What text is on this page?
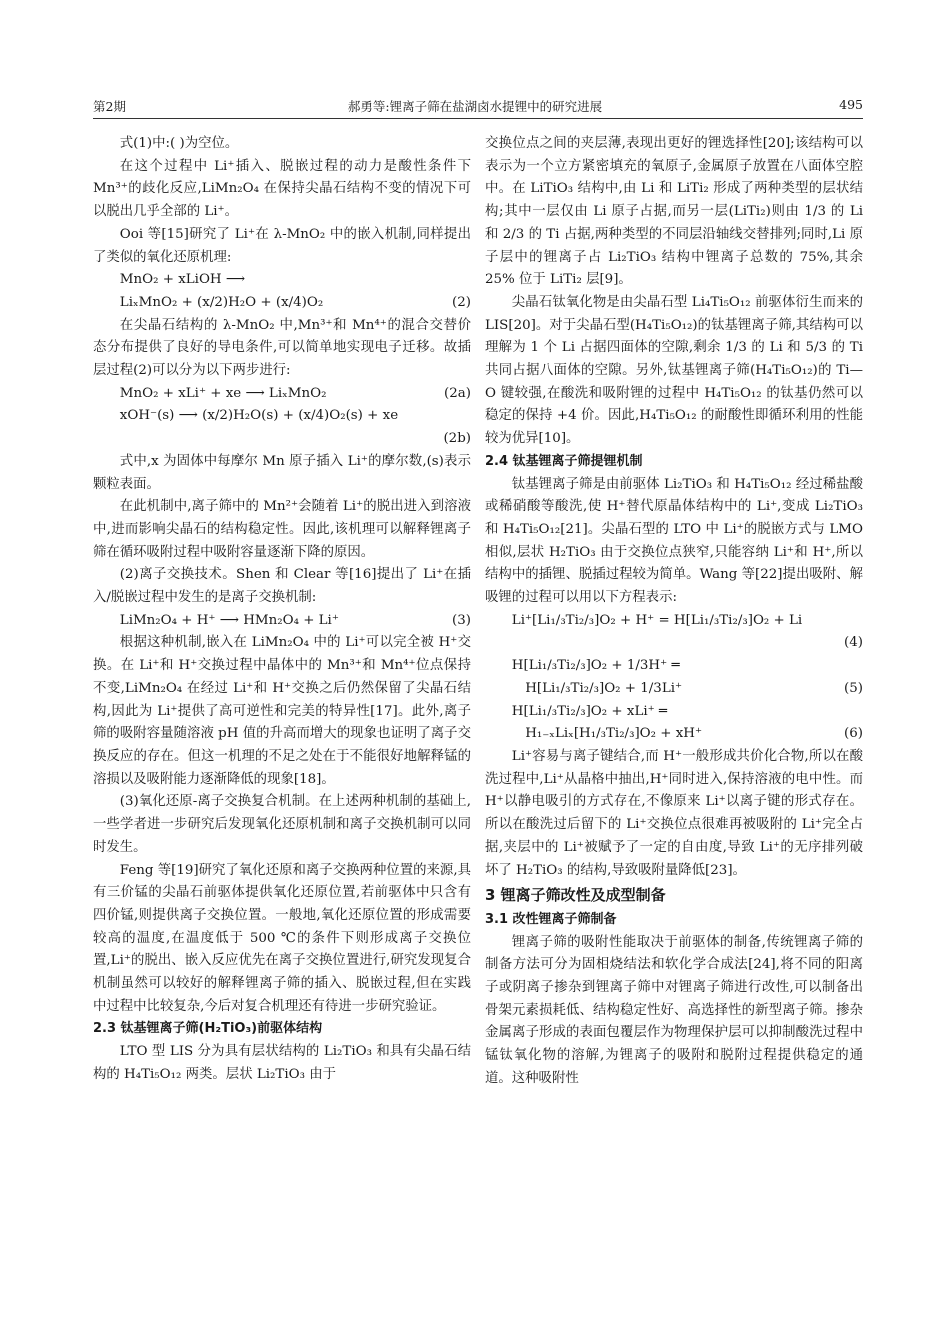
第2期	郝勇等:锂离子筛在盐湖卤水提锂中的研究进展	495

式(1)中:( )为空位。

在这个过程中 Li⁺插入、脱嵌过程的动力是酸性条件下 Mn³⁺的歧化反应,LiMn₂O₄ 在保持尖晶石结构不变的情况下可以脱出几乎全部的 Li⁺。

Ooi 等[15]研究了 Li⁺在 λ-MnO₂ 中的嵌入机制,同样提出了类似的氧化还原机理:

MnO₂ + xLiOH ⟶
LiₓMnO₂ + (x/2)H₂O + (x/4)O₂	(2)

在尖晶石结构的 λ-MnO₂ 中,Mn³⁺和 Mn⁴⁺的混合交替价态分布提供了良好的导电条件,可以简单地实现电子迁移。故插层过程(2)可以分为以下两步进行:

MnO₂ + xLi⁺ + xe ⟶ LiₓMnO₂	(2a)
xOH⁻(s) ⟶ (x/2)H₂O(s) + (x/4)O₂(s) + xe
(2b)

式中,x 为固体中每摩尔 Mn 原子插入 Li⁺的摩尔数,(s)表示颗粒表面。

在此机制中,离子筛中的 Mn²⁺会随着 Li⁺的脱出进入到溶液中,进而影响尖晶石的结构稳定性。因此,该机理可以解释锂离子筛在循环吸附过程中吸附容量逐渐下降的原因。

(2)离子交换技术。Shen 和 Clear 等[16]提出了 Li⁺在插入/脱嵌过程中发生的是离子交换机制:

LiMn₂O₄ + H⁺ ⟶ HMn₂O₄ + Li⁺	(3)

根据这种机制,嵌入在 LiMn₂O₄ 中的 Li⁺可以完全被 H⁺交换。在 Li⁺和 H⁺交换过程中晶体中的 Mn³⁺和 Mn⁴⁺位点保持不变,LiMn₂O₄ 在经过 Li⁺和 H⁺交换之后仍然保留了尖晶石结构,因此为 Li⁺提供了高可逆性和完美的特异性[17]。此外,离子筛的吸附容量随溶液 pH 值的升高而增大的现象也证明了离子交换反应的存在。但这一机理的不足之处在于不能很好地解释锰的溶损以及吸附能力逐渐降低的现象[18]。

(3)氧化还原-离子交换复合机制。在上述两种机制的基础上,一些学者进一步研究后发现氧化还原机制和离子交换机制可以同时发生。

Feng 等[19]研究了氧化还原和离子交换两种位置的来源,具有三价锰的尖晶石前驱体提供氧化还原位置,若前驱体中只含有四价锰,则提供离子交换位置。一般地,氧化还原位置的形成需要较高的温度,在温度低于 500 ℃的条件下则形成离子交换位置,Li⁺的脱出、嵌入反应优先在离子交换位置进行,研究发现复合机制虽然可以较好的解释锂离子筛的插入、脱嵌过程,但在实践中过程中比较复杂,今后对复合机理还有待进一步研究验证。

2.3 钛基锂离子筛(H₂TiO₃)前驱体结构

LTO 型 LIS 分为具有层状结构的 Li₂TiO₃ 和具有尖晶石结构的 H₄Ti₅O₁₂ 两类。层状 Li₂TiO₃ 由于

交换位点之间的夹层薄,表现出更好的锂选择性[20];该结构可以表示为一个立方紧密填充的氧原子,金属原子放置在八面体空腔中。在 LiTiO₃ 结构中,由 Li 和 LiTi₂ 形成了两种类型的层状结构;其中一层仅由 Li 原子占据,而另一层(LiTi₂)则由 1/3 的 Li 和 2/3 的 Ti 占据,两种类型的不同层沿轴线交替排列;同时,Li 原子层中的锂离子占 Li₂TiO₃ 结构中锂离子总数的 75%,其余 25% 位于 LiTi₂ 层[9]。

尖晶石钛氧化物是由尖晶石型 Li₄Ti₅O₁₂ 前驱体衍生而来的 LIS[20]。对于尖晶石型(H₄Ti₅O₁₂)的钛基锂离子筛,其结构可以理解为 1 个 Li 占据四面体的空隙,剩余 1/3 的 Li 和 5/3 的 Ti 共同占据八面体的空隙。另外,钛基锂离子筛(H₄Ti₅O₁₂)的 Ti—O 键较强,在酸洗和吸附锂的过程中 H₄Ti₅O₁₂ 的钛基仍然可以稳定的保持 +4 价。因此,H₄Ti₅O₁₂ 的耐酸性即循环利用的性能较为优异[10]。

2.4 钛基锂离子筛提锂机制

钛基锂离子筛是由前驱体 Li₂TiO₃ 和 H₄Ti₅O₁₂ 经过稀盐酸或稀硝酸等酸洗,使 H⁺替代原晶体结构中的 Li⁺,变成 Li₂TiO₃ 和 H₄Ti₅O₁₂[21]。尖晶石型的 LTO 中 Li⁺的脱嵌方式与 LMO 相似,层状 H₂TiO₃ 由于交换位点狭窄,只能容纳 Li⁺和 H⁺,所以结构中的插锂、脱插过程较为简单。Wang 等[22]提出吸附、解吸锂的过程可以用以下方程表示:

Li⁺[Li₁/₃Ti₂/₃]O₂ + H⁺ = H[Li₁/₃Ti₂/₃]O₂ + Li
(4)
H[Li₁/₃Ti₂/₃]O₂ + 1/3H⁺ ═
H[Li₁/₃Ti₂/₃]O₂ + 1/3Li⁺	(5)
H[Li₁/₃Ti₂/₃]O₂ + xLi⁺ ═
H₁₋ₓLiₓ[H₁/₃Ti₂/₃]O₂ + xH⁺	(6)

Li⁺容易与离子键结合,而 H⁺一般形成共价化合物,所以在酸洗过程中,Li⁺从晶格中抽出,H⁺同时进入,保持溶液的电中性。而 H⁺以静电吸引的方式存在,不像原来 Li⁺以离子键的形式存在。所以在酸洗过后留下的 Li⁺交换位点很难再被吸附的 Li⁺完全占据,夹层中的 Li⁺被赋予了一定的自由度,导致 Li⁺的无序排列破坏了 H₂TiO₃ 的结构,导致吸附量降低[23]。

3 锂离子筛改性及成型制备
3.1 改性锂离子筛制备

锂离子筛的吸附性能取决于前驱体的制备,传统锂离子筛的制备方法可分为固相烧结法和软化学合成法[24],将不同的阳离子或阴离子掺杂到锂离子筛中对锂离子筛进行改性,可以制备出骨架元素损耗低、结构稳定性好、高选择性的新型离子筛。掺杂金属离子形成的表面包覆层作为物理保护层可以抑制酸洗过程中锰钛氧化物的溶解,为锂离子的吸附和脱附过程提供稳定的通道。这种吸附性
